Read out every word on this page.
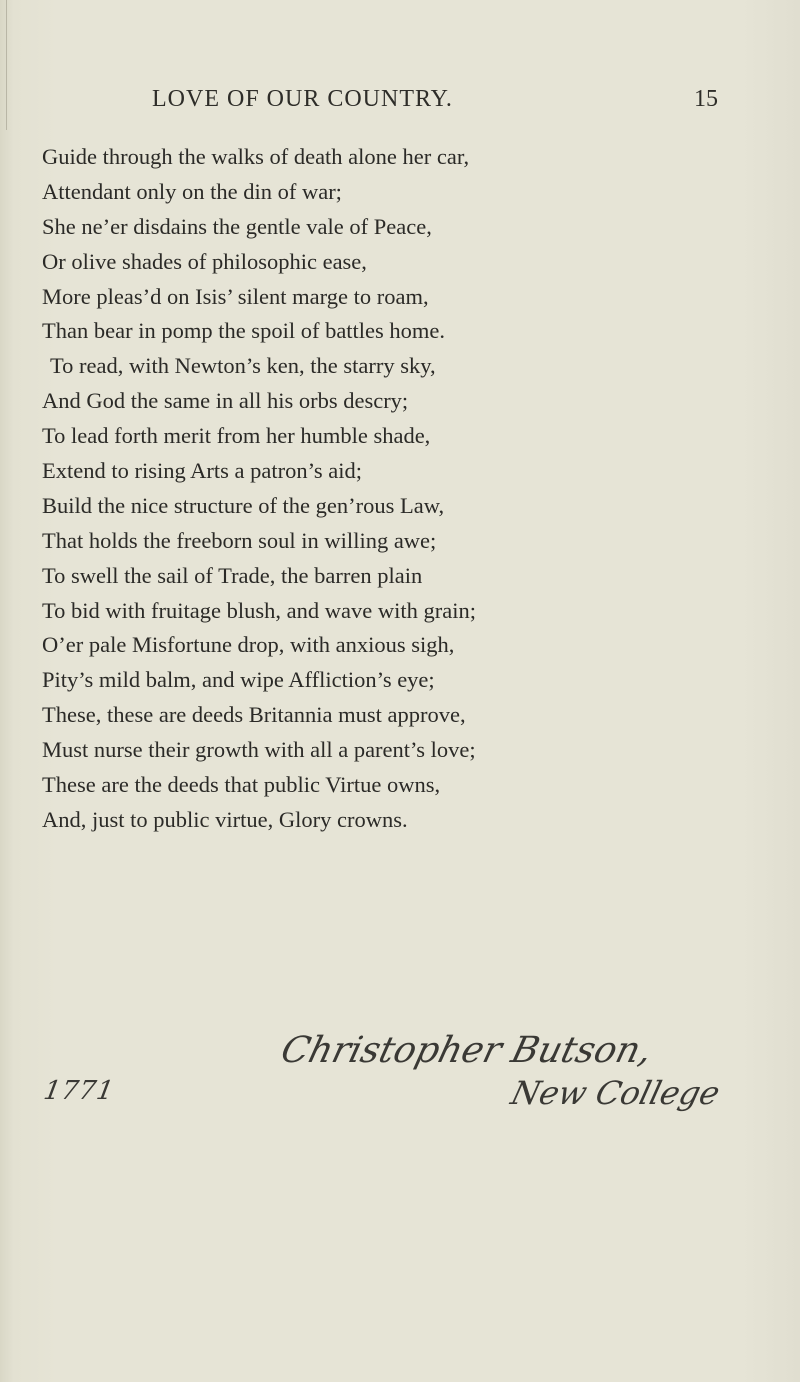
LOVE OF OUR COUNTRY.	15
Guide through the walks of death alone her car,
Attendant only on the din of war;
She ne’er disdains the gentle vale of Peace,
Or olive shades of philosophic ease,
More pleas’d on Isis’ silent marge to roam,
Than bear in pomp the spoil of battles home.
To read, with Newton’s ken, the starry sky,
And God the same in all his orbs descry;
To lead forth merit from her humble shade,
Extend to rising Arts a patron’s aid;
Build the nice structure of the gen’rous Law,
That holds the freeborn soul in willing awe;
To swell the sail of Trade, the barren plain
To bid with fruitage blush, and wave with grain;
O’er pale Misfortune drop, with anxious sigh,
Pity’s mild balm, and wipe Affliction’s eye;
These, these are deeds Britannia must approve,
Must nurse their growth with all a parent’s love;
These are the deeds that public Virtue owns,
And, just to public virtue, Glory crowns.
Christopher Butson,
1771	New College
